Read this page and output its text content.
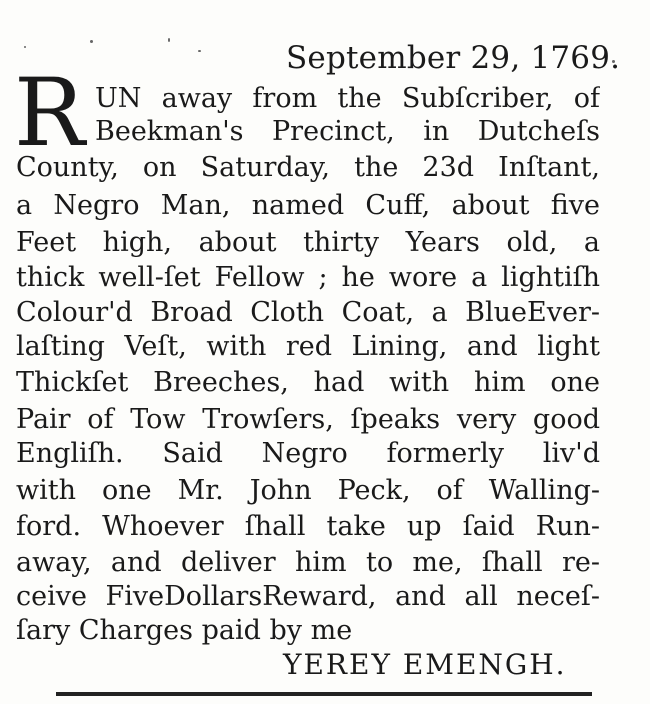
September 29, 1769.
R UN away from the Subſcriber, of
Beekman's Precinct, in Dutcheſs
County, on Saturday, the 23d Inſtant,
a Negro Man, named Cuff, about five
Feet high, about thirty Years old, a
thick well-ſet Fellow ; he wore a lightiſh
Colour'd Broad Cloth Coat, a BlueEver-
laſting Veſt, with red Lining, and light
Thickſet Breeches, had with him one
Pair of Tow Trowſers, ſpeaks very good
Engliſh. Said Negro formerly liv'd
with one Mr. John Peck, of Walling-
ford. Whoever ſhall take up ſaid Run-
away, and deliver him to me, ſhall re-
ceive FiveDollarsReward, and all neceſ-
ſary Charges paid by me
YEREY EMENGH.
